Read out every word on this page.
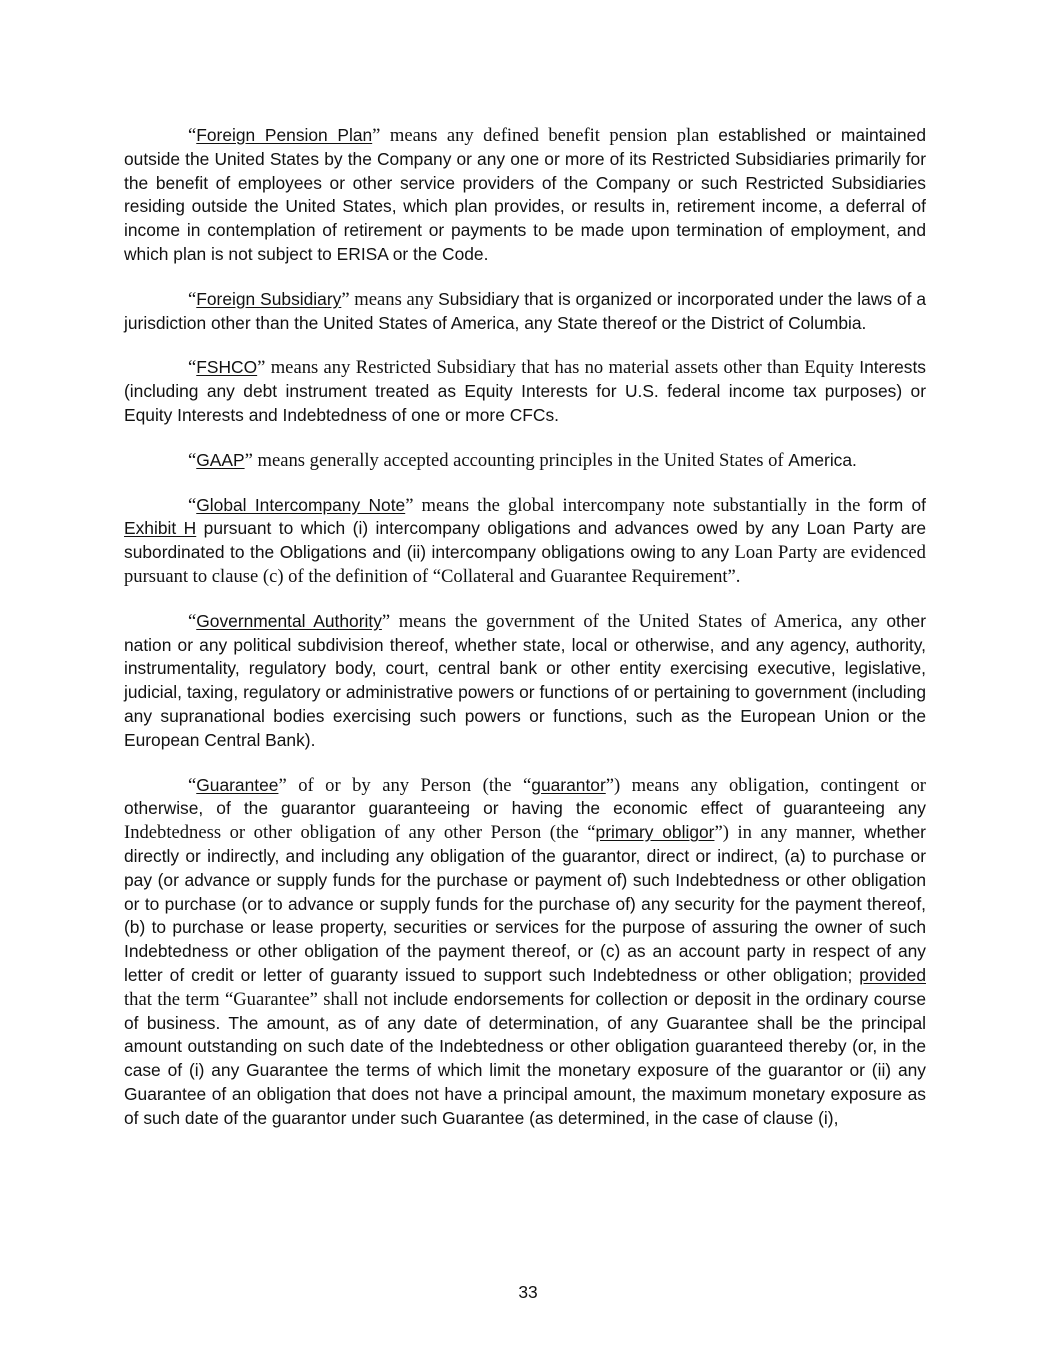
“Foreign Pension Plan” means any defined benefit pension plan established or maintained outside the United States by the Company or any one or more of its Restricted Subsidiaries primarily for the benefit of employees or other service providers of the Company or such Restricted Subsidiaries residing outside the United States, which plan provides, or results in, retirement income, a deferral of income in contemplation of retirement or payments to be made upon termination of employment, and which plan is not subject to ERISA or the Code.

“Foreign Subsidiary” means any Subsidiary that is organized or incorporated under the laws of a jurisdiction other than the United States of America, any State thereof or the District of Columbia.

“FSHCO” means any Restricted Subsidiary that has no material assets other than Equity Interests (including any debt instrument treated as Equity Interests for U.S. federal income tax purposes) or Equity Interests and Indebtedness of one or more CFCs.

“GAAP” means generally accepted accounting principles in the United States of America.

“Global Intercompany Note” means the global intercompany note substantially in the form of Exhibit H pursuant to which (i) intercompany obligations and advances owed by any Loan Party are subordinated to the Obligations and (ii) intercompany obligations owing to any Loan Party are evidenced pursuant to clause (c) of the definition of “Collateral and Guarantee Requirement”.

“Governmental Authority” means the government of the United States of America, any other nation or any political subdivision thereof, whether state, local or otherwise, and any agency, authority, instrumentality, regulatory body, court, central bank or other entity exercising executive, legislative, judicial, taxing, regulatory or administrative powers or functions of or pertaining to government (including any supranational bodies exercising such powers or functions, such as the European Union or the European Central Bank).

“Guarantee” of or by any Person (the “guarantor”) means any obligation, contingent or otherwise, of the guarantor guaranteeing or having the economic effect of guaranteeing any Indebtedness or other obligation of any other Person (the “primary obligor”) in any manner, whether directly or indirectly, and including any obligation of the guarantor, direct or indirect, (a) to purchase or pay (or advance or supply funds for the purchase or payment of) such Indebtedness or other obligation or to purchase (or to advance or supply funds for the purchase of) any security for the payment thereof, (b) to purchase or lease property, securities or services for the purpose of assuring the owner of such Indebtedness or other obligation of the payment thereof, or (c) as an account party in respect of any letter of credit or letter of guaranty issued to support such Indebtedness or other obligation; provided that the term “Guarantee” shall not include endorsements for collection or deposit in the ordinary course of business. The amount, as of any date of determination, of any Guarantee shall be the principal amount outstanding on such date of the Indebtedness or other obligation guaranteed thereby (or, in the case of (i) any Guarantee the terms of which limit the monetary exposure of the guarantor or (ii) any Guarantee of an obligation that does not have a principal amount, the maximum monetary exposure as of such date of the guarantor under such Guarantee (as determined, in the case of clause (i),

33
